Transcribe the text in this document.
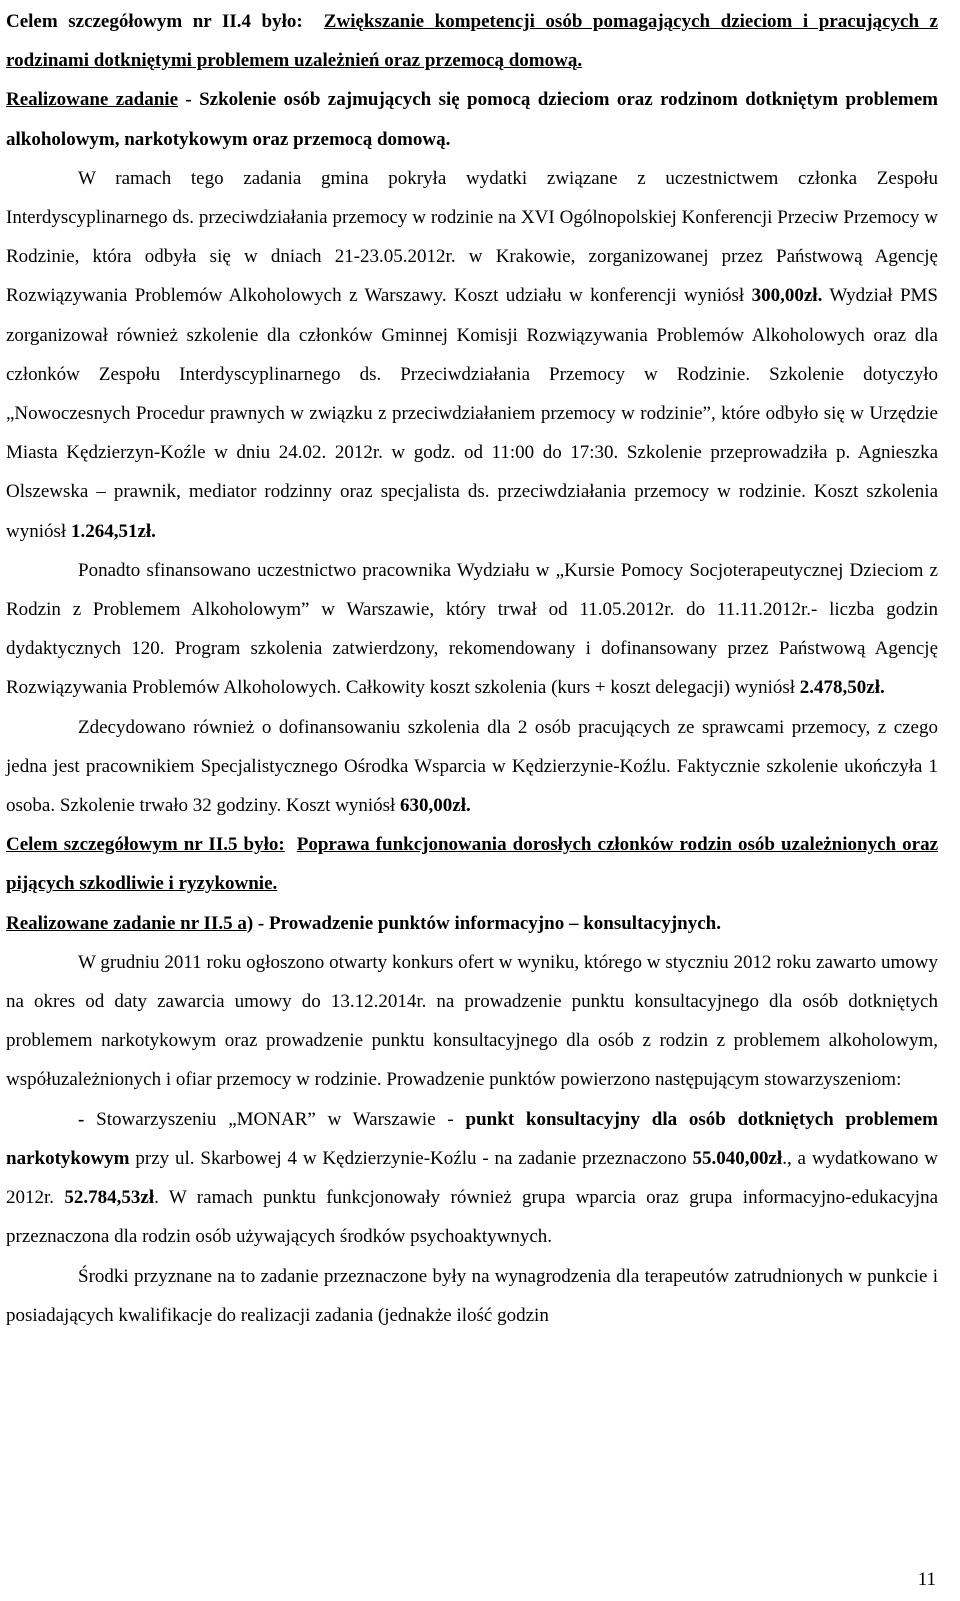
Celem szczegółowym nr II.4 było: Zwiększanie kompetencji osób pomagających dzieciom i pracujących z rodzinami dotkniętymi problemem uzależnień oraz przemocą domową.

Realizowane zadanie - Szkolenie osób zajmujących się pomocą dzieciom oraz rodzinom dotkniętym problemem alkoholowym, narkotykowym oraz przemocą domową.

W ramach tego zadania gmina pokryła wydatki związane z uczestnictwem członka Zespołu Interdyscyplinarnego ds. przeciwdziałania przemocy w rodzinie na XVI Ogólnopolskiej Konferencji Przeciw Przemocy w Rodzinie, która odbyła się w dniach 21-23.05.2012r. w Krakowie, zorganizowanej przez Państwową Agencję Rozwiązywania Problemów Alkoholowych z Warszawy. Koszt udziału w konferencji wyniósł 300,00zł. Wydział PMS zorganizował również szkolenie dla członków Gminnej Komisji Rozwiązywania Problemów Alkoholowych oraz dla członków Zespołu Interdyscyplinarnego ds. Przeciwdziałania Przemocy w Rodzinie. Szkolenie dotyczyło „Nowoczesnych Procedur prawnych w związku z przeciwdziałaniem przemocy w rodzinie”, które odbyło się w Urzędzie Miasta Kędzierzyn-Koźle w dniu 24.02. 2012r. w godz. od 11:00 do 17:30. Szkolenie przeprowadziła p. Agnieszka Olszewska – prawnik, mediator rodzinny oraz specjalista ds. przeciwdziałania przemocy w rodzinie. Koszt szkolenia wyniósł 1.264,51zł.

Ponadto sfinansowano uczestnictwo pracownika Wydziału w „Kursie Pomocy Socjoterapeutycznej Dzieciom z Rodzin z Problemem Alkoholowym” w Warszawie, który trwał od 11.05.2012r. do 11.11.2012r.- liczba godzin dydaktycznych 120. Program szkolenia zatwierdzony, rekomendowany i dofinansowany przez Państwową Agencję Rozwiązywania Problemów Alkoholowych. Całkowity koszt szkolenia (kurs + koszt delegacji) wyniósł 2.478,50zł.

Zdecydowano również o dofinansowaniu szkolenia dla 2 osób pracujących ze sprawcami przemocy, z czego jedna jest pracownikiem Specjalistycznego Ośrodka Wsparcia w Kędzierzynie-Koźlu. Faktycznie szkolenie ukończyła 1 osoba. Szkolenie trwało 32 godziny. Koszt wyniósł 630,00zł.

Celem szczegółowym nr II.5 było: Poprawa funkcjonowania dorosłych członków rodzin osób uzależnionych oraz pijących szkodliwie i ryzykownie.

Realizowane zadanie nr II.5 a) - Prowadzenie punktów informacyjno – konsultacyjnych.

W grudniu 2011 roku ogłoszono otwarty konkurs ofert w wyniku, którego w styczniu 2012 roku zawarto umowy na okres od daty zawarcia umowy do 13.12.2014r. na prowadzenie punktu konsultacyjnego dla osób dotkniętych problemem narkotykowym oraz prowadzenie punktu konsultacyjnego dla osób z rodzin z problemem alkoholowym, współuzależnionych i ofiar przemocy w rodzinie. Prowadzenie punktów powierzono następującym stowarzyszeniom:

- Stowarzyszeniu „MONAR” w Warszawie - punkt konsultacyjny dla osób dotkniętych problemem narkotykowym przy ul. Skarbowej 4 w Kędzierzynie-Koźlu - na zadanie przeznaczono 55.040,00zł., a wydatkowano w 2012r. 52.784,53zł. W ramach punktu funkcjonowały również grupa wparcia oraz grupa informacyjno-edukacyjna przeznaczona dla rodzin osób używających środków psychoaktywnych.

Środki przyznane na to zadanie przeznaczone były na wynagrodzenia dla terapeutów zatrudnionych w punkcie i posiadających kwalifikacje do realizacji zadania (jednakże ilość godzin

11
